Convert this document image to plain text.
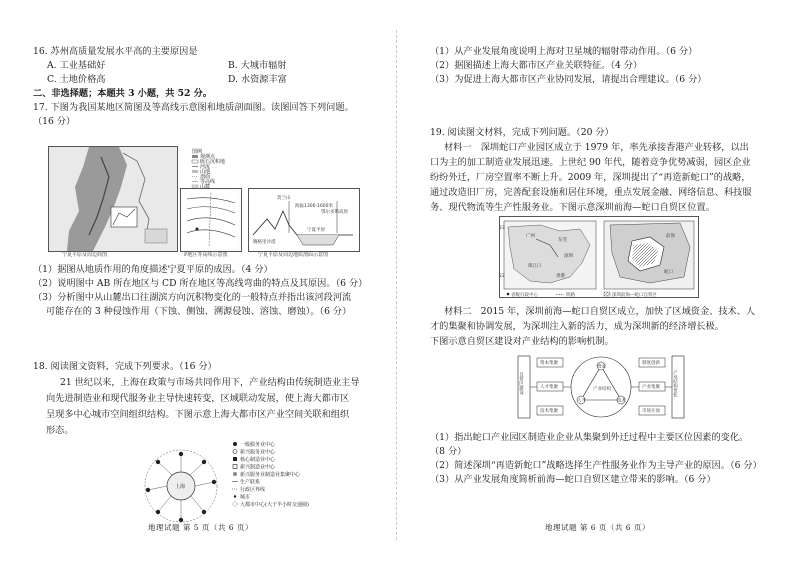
16. 苏州高质量发展水平高的主要原因是
A. 工业基础好	B. 大城市辐射
C. 土地价格高	D. 水资源丰富
二、非选择题；本题共 3 小题，共 52 分。
17. 下图为我国某地区简图及等高线示意图和地质剖面图。读图回答下列问题。
（16 分）
宁夏平原及周边简图	P地区等高线示意图
图例
观测点
砾石沉积地
河流
山地
剖面
等高线
山麓
贺兰山
海拔1300-1600米
腾格里沙漠
宁夏平原
鄂尔多斯高原
宁夏平原及周边地质剖面示意图
（1）据图从地质作用的角度描述宁夏平原的成因。（4 分）
（2）说明图中 AB 所在地区与 CD 所在地区等高线弯曲的特点及其原因。（6 分）
（3）分析图中从山麓出口往湖滨方向沉积物变化的一般特点并指出该河段河流
可能存在的 3 种侵蚀作用（下蚀、侧蚀、溯源侵蚀、溶蚀、磨蚀）。（6 分）
18. 阅读图文资料，完成下列要求。（16 分）
21 世纪以来，上海在政策与市场共同作用下，产业结构由传统制造业主导
向先进制造业和现代服务业主导快速转变，区域联动发展，使上海大都市区
呈现多中心城市空间组织结构。下图示意上海大都市区产业空间关联和组织
形态。
上海
一级服务业中心
新兴服务业中心
核心制造业中心
新兴制造业中心
新兴服务业制造业集聚中心
生产联系
行政区界线
城市
大都市中心(大于半小时交通圈)
地理试题 第 5 页（共 6 页）
（1）从产业发展角度说明上海对卫星城的辐射带动作用。（6 分）
（2）据图描述上海大都市区产业关联特征。（4 分）
（3）为促进上海大都市区产业协同发展，请提出合理建议。（6 分）
19. 阅读图文材料，完成下列问题。（20 分）
材料一　深圳蛇口产业园区成立于 1979 年，率先承接香港产业转移，以出
口为主的加工制造业发展迅速。上世纪 90 年代，随着竞争优势减弱，园区企业
纷纷外迁，厂房空置率不断上升。2009 年，深圳提出了“再造新蛇口”的战略，
通过改造旧厂房，完善配套设施和居住环境，重点发展金融、网络信息、科技服
务、现代物流等生产性服务业。下图示意深圳前海—蛇口自贸区位置。
广州
东莞
深圳
香港
珠江口
23
22
前海
蛇口
省级行政中心	铁路	深圳前海—蛇口自贸区
材料二　2015 年，深圳前海—蛇口自贸区成立，加快了区域资金、技术、人
才的集聚和协调发展，为深圳注入新的活力，成为深圳新的经济增长极。
下图示意自贸区建设对产业结构的影响机制。
自贸区建设	产业结构优化
资本集聚
人才集聚
技术集聚
制度创新
产业集聚
市场开放
资金
技术
人才
产业结构
（1）指出蛇口产业园区制造业企业从集聚到外迁过程中主要区位因素的变化。
（8 分）
（2）简述深圳“再造新蛇口”战略选择生产性服务业作为主导产业的原因。（6 分）
（3）从产业发展角度简析前海—蛇口自贸区建立带来的影响。（6 分）
地理试题 第 6 页（共 6 页）
